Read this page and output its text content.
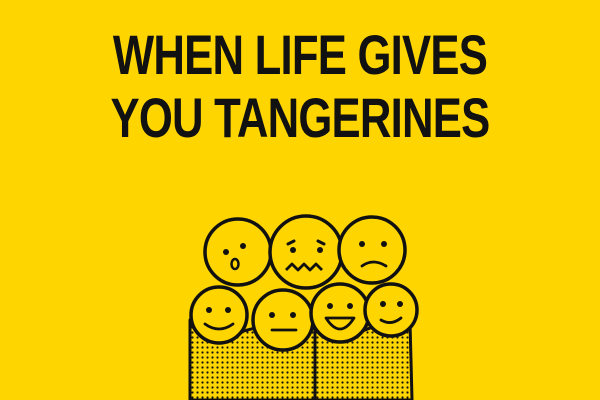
WHEN LIFE GIVES
YOU TANGERINES
